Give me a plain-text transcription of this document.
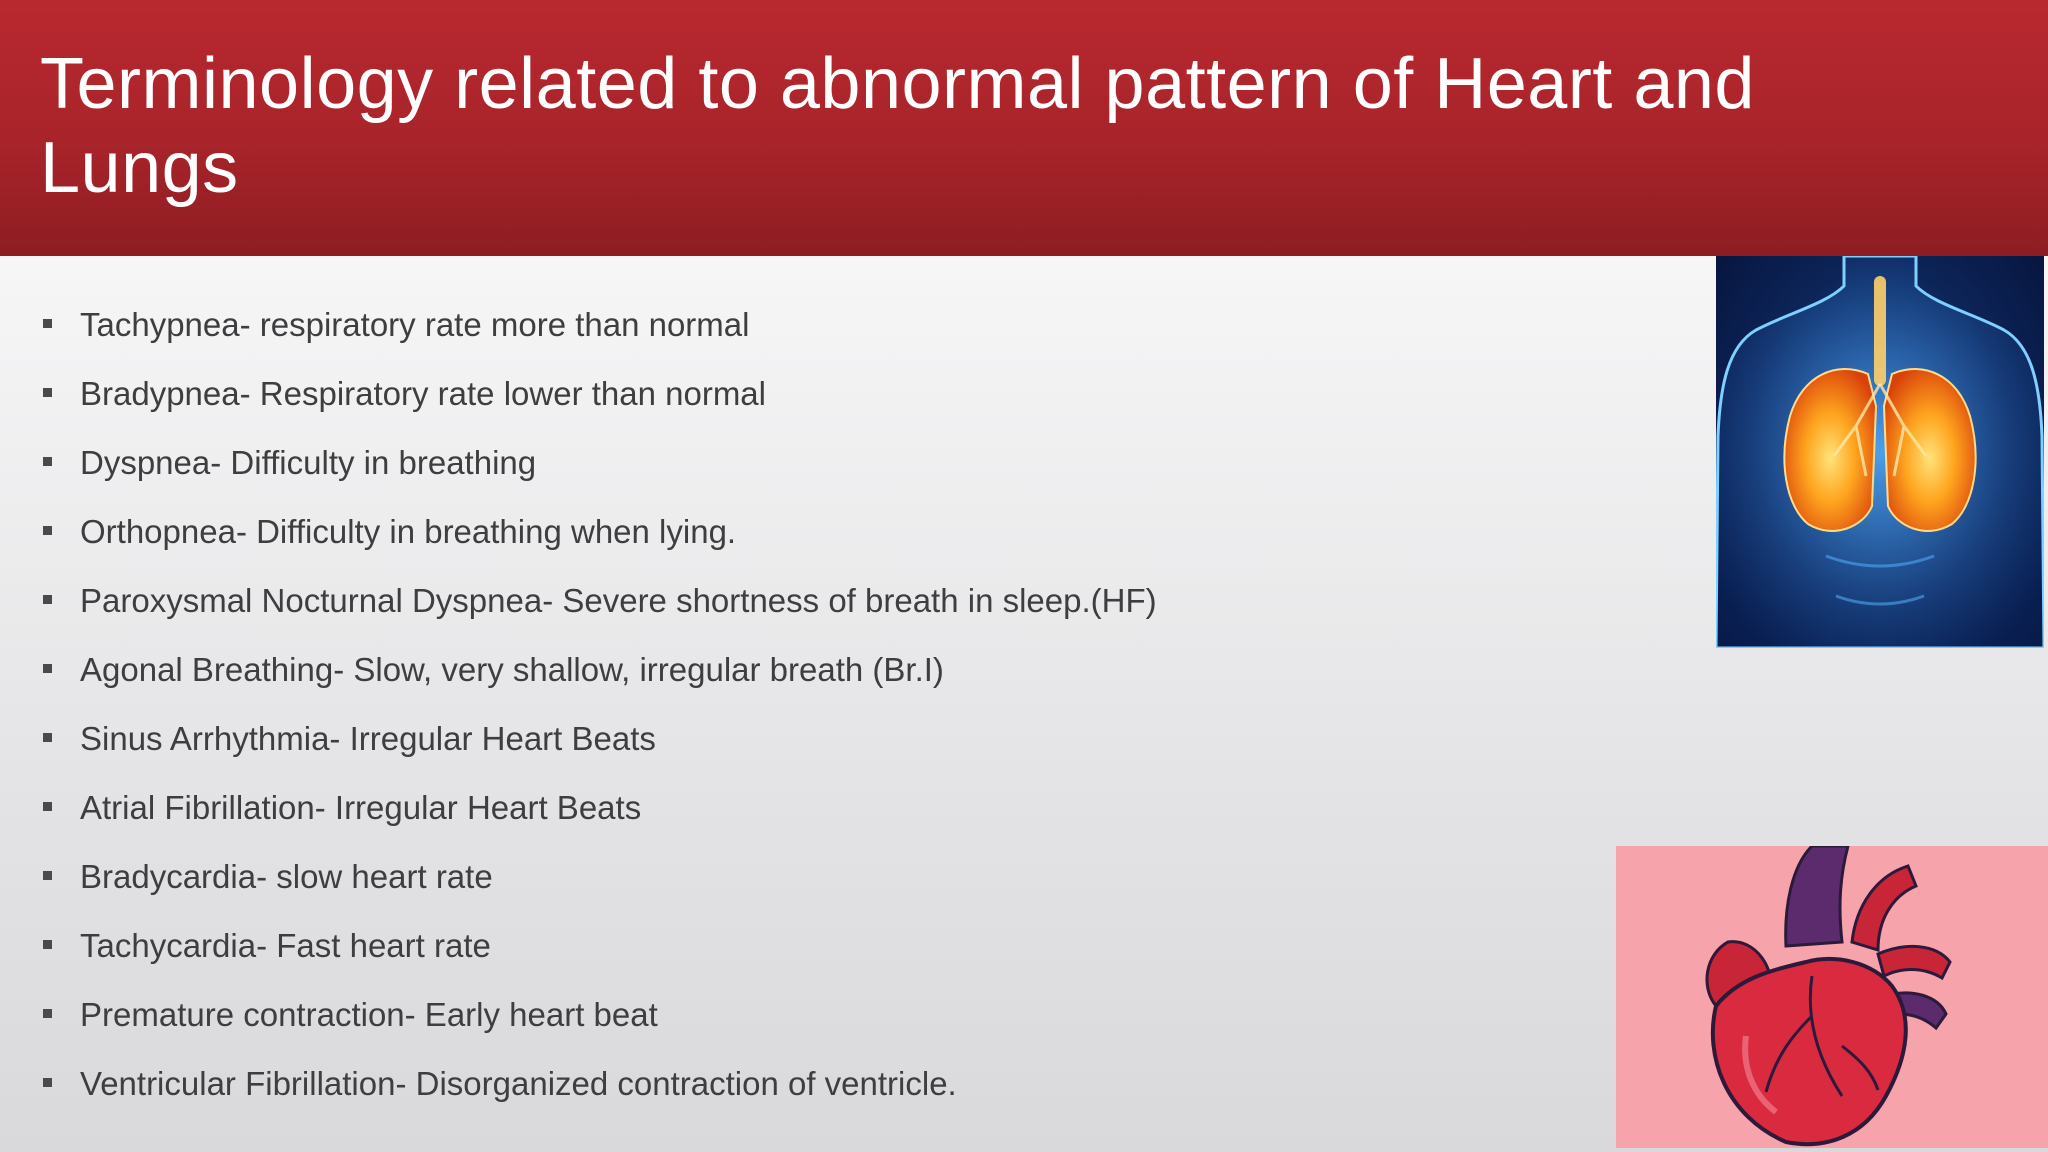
Terminology related to abnormal pattern of Heart and Lungs
Tachypnea- respiratory rate more than normal
Bradypnea- Respiratory rate lower than normal
Dyspnea- Difficulty in breathing
Orthopnea- Difficulty in breathing when lying.
Paroxysmal Nocturnal Dyspnea- Severe shortness of breath in sleep.(HF)
Agonal Breathing- Slow, very shallow, irregular breath (Br.I)
Sinus Arrhythmia- Irregular Heart Beats
Atrial Fibrillation- Irregular Heart Beats
Bradycardia- slow heart rate
Tachycardia- Fast heart rate
Premature contraction- Early heart beat
Ventricular Fibrillation- Disorganized contraction of ventricle.
